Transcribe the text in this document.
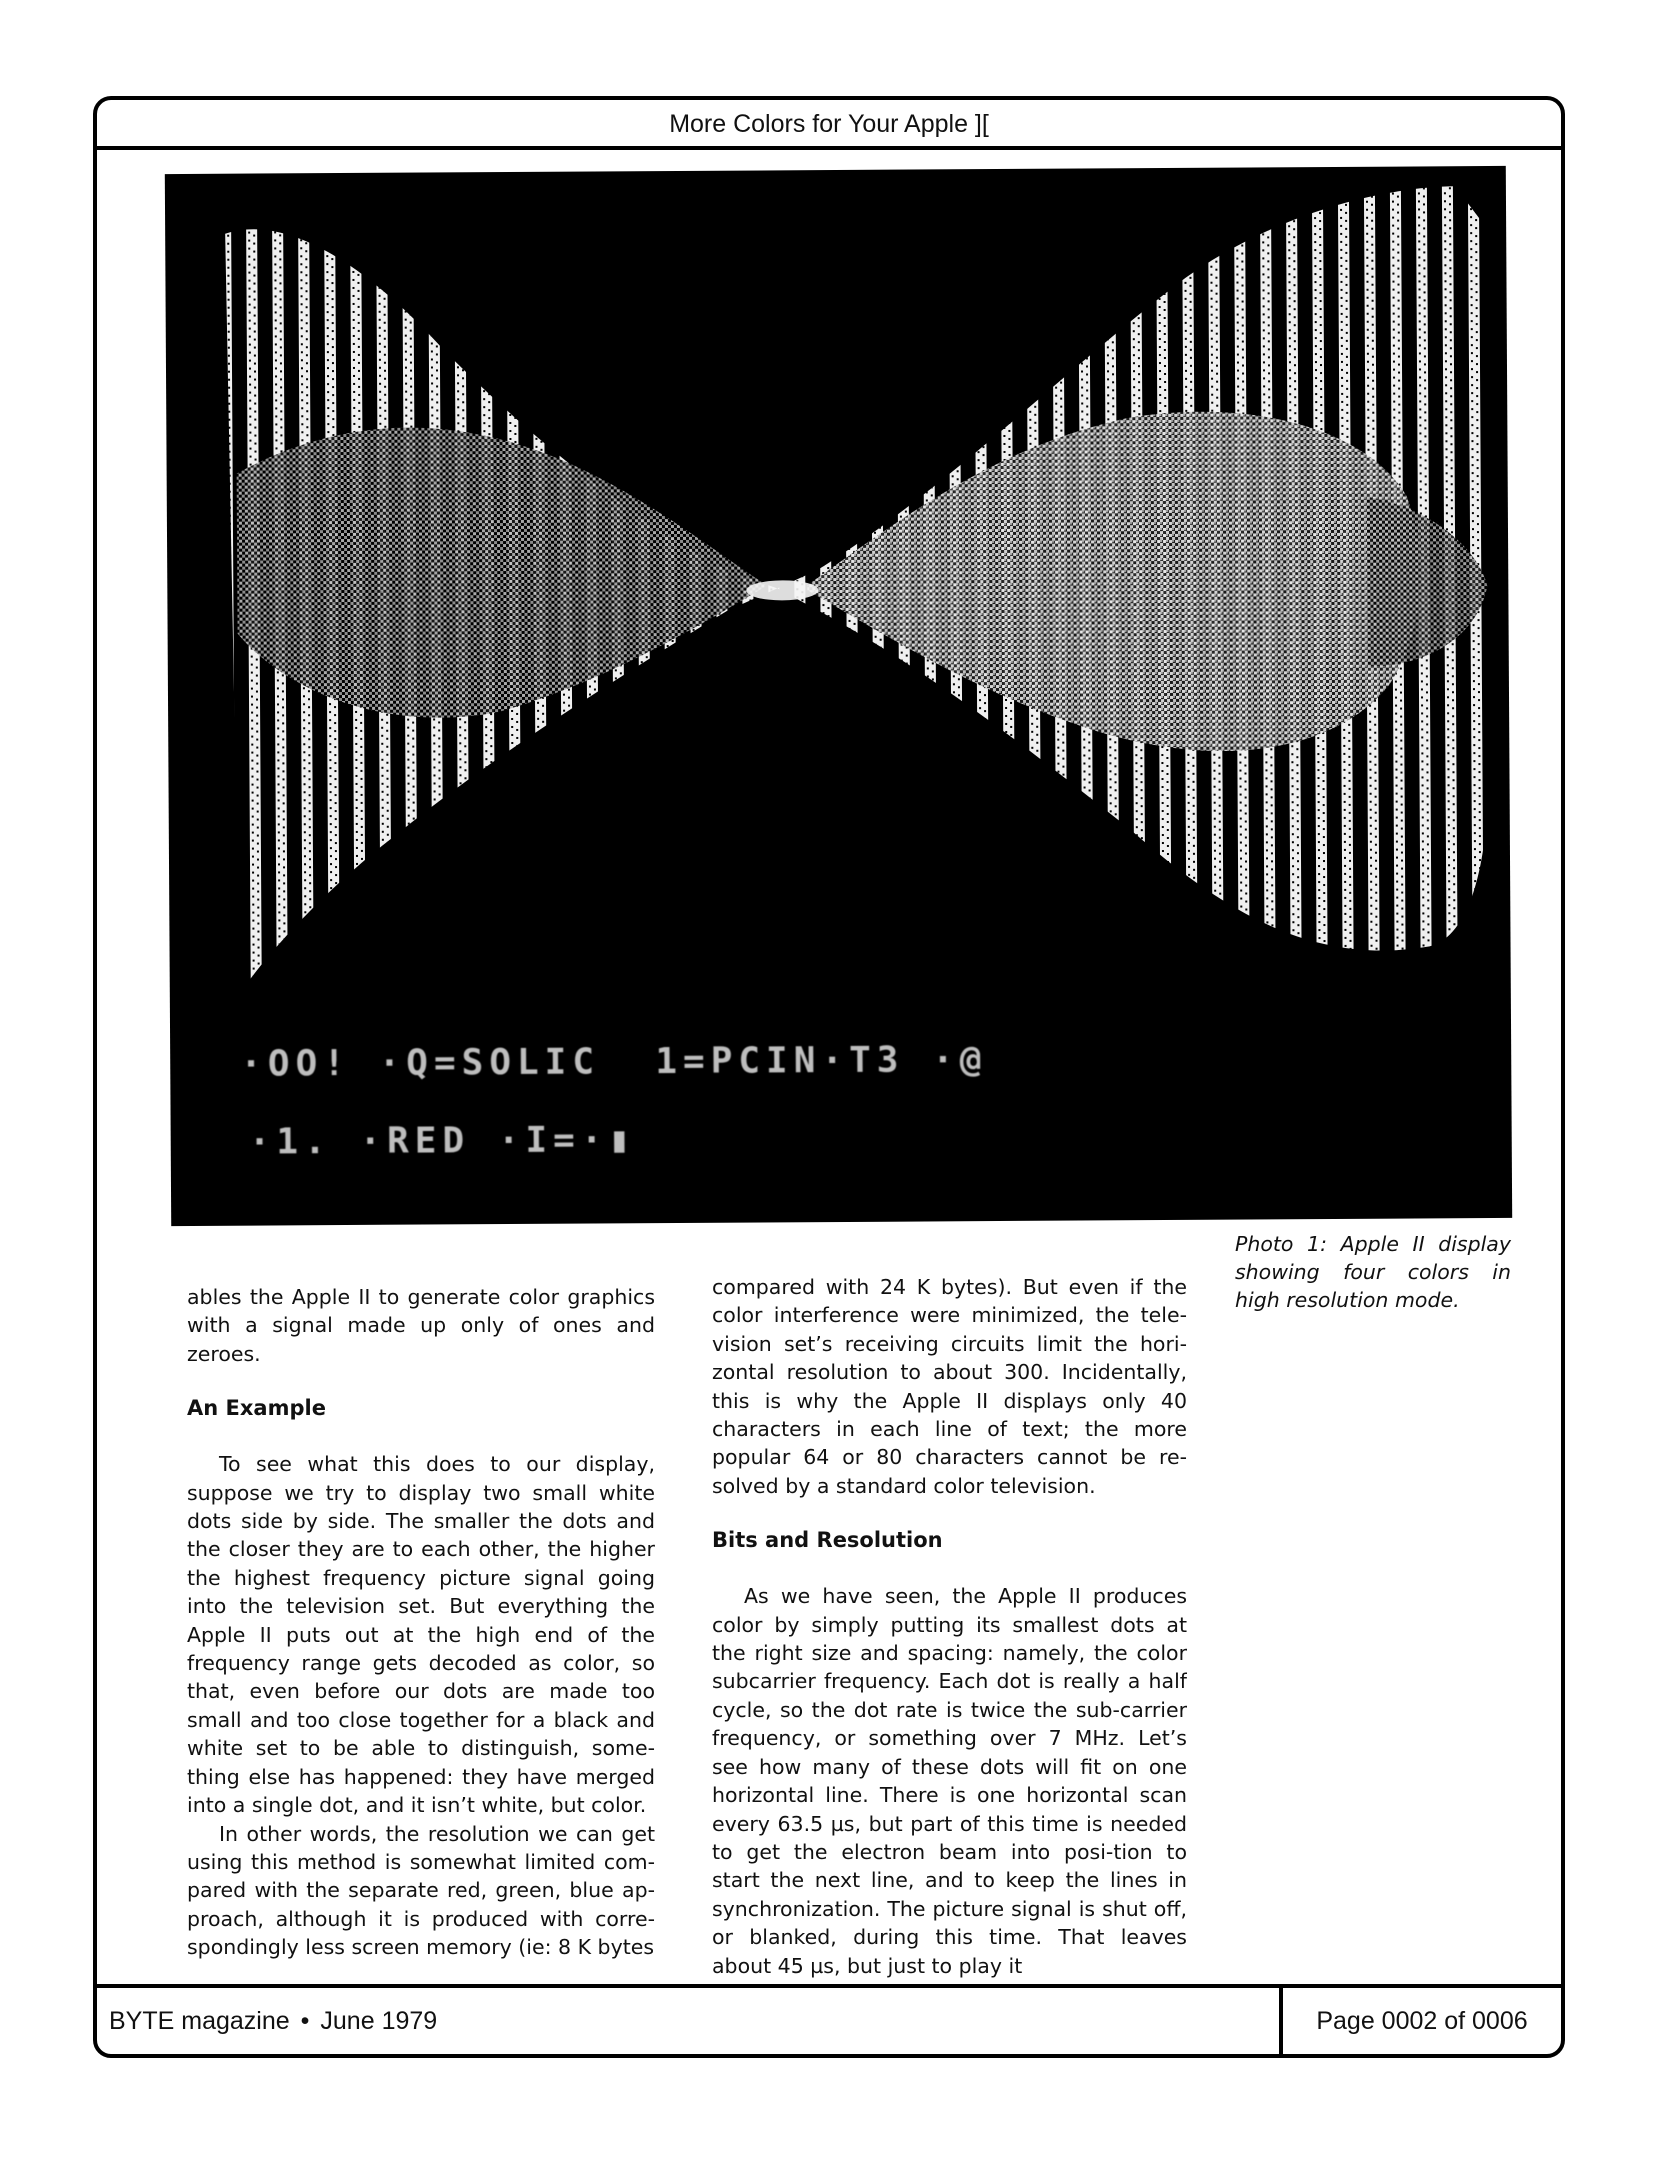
More Colors for Your Apple ][
BYTE magazine • June 1979	Page 0002 of 0006
·OO! ·Q=SOLIC  1=PCIN·T3 ·@
·1. ·RED ·I=·▮
Photo 1: Apple II display showing four colors in high resolution mode.

ables the Apple II to generate color graphics with a signal made up only of ones and zeroes.

An Example

To see what this does to our display, suppose we try to display two small white dots side by side. The smaller the dots and the closer they are to each other, the higher the highest frequency picture signal going into the television set. But everything the Apple II puts out at the high end of the frequency range gets decoded as color, so that, even before our dots are made too small and too close together for a black and white set to be able to distinguish, some-thing else has happened: they have merged into a single dot, and it isn’t white, but color.

In other words, the resolution we can get using this method is somewhat limited com-pared with the separate red, green, blue ap-proach, although it is produced with corre-spondingly less screen memory (ie: 8 K bytes

compared with 24 K bytes). But even if the color interference were minimized, the tele-vision set’s receiving circuits limit the hori-zontal resolution to about 300. Incidentally, this is why the Apple II displays only 40 characters in each line of text; the more popular 64 or 80 characters cannot be re-solved by a standard color television.

Bits and Resolution

As we have seen, the Apple II produces color by simply putting its smallest dots at the right size and spacing: namely, the color subcarrier frequency. Each dot is really a half cycle, so the dot rate is twice the sub-carrier frequency, or something over 7 MHz. Let’s see how many of these dots will fit on one horizontal line. There is one horizontal scan every 63.5 µs, but part of this time is needed to get the electron beam into posi-tion to start the next line, and to keep the lines in synchronization. The picture signal is shut off, or blanked, during this time. That leaves about 45 µs, but just to play it
